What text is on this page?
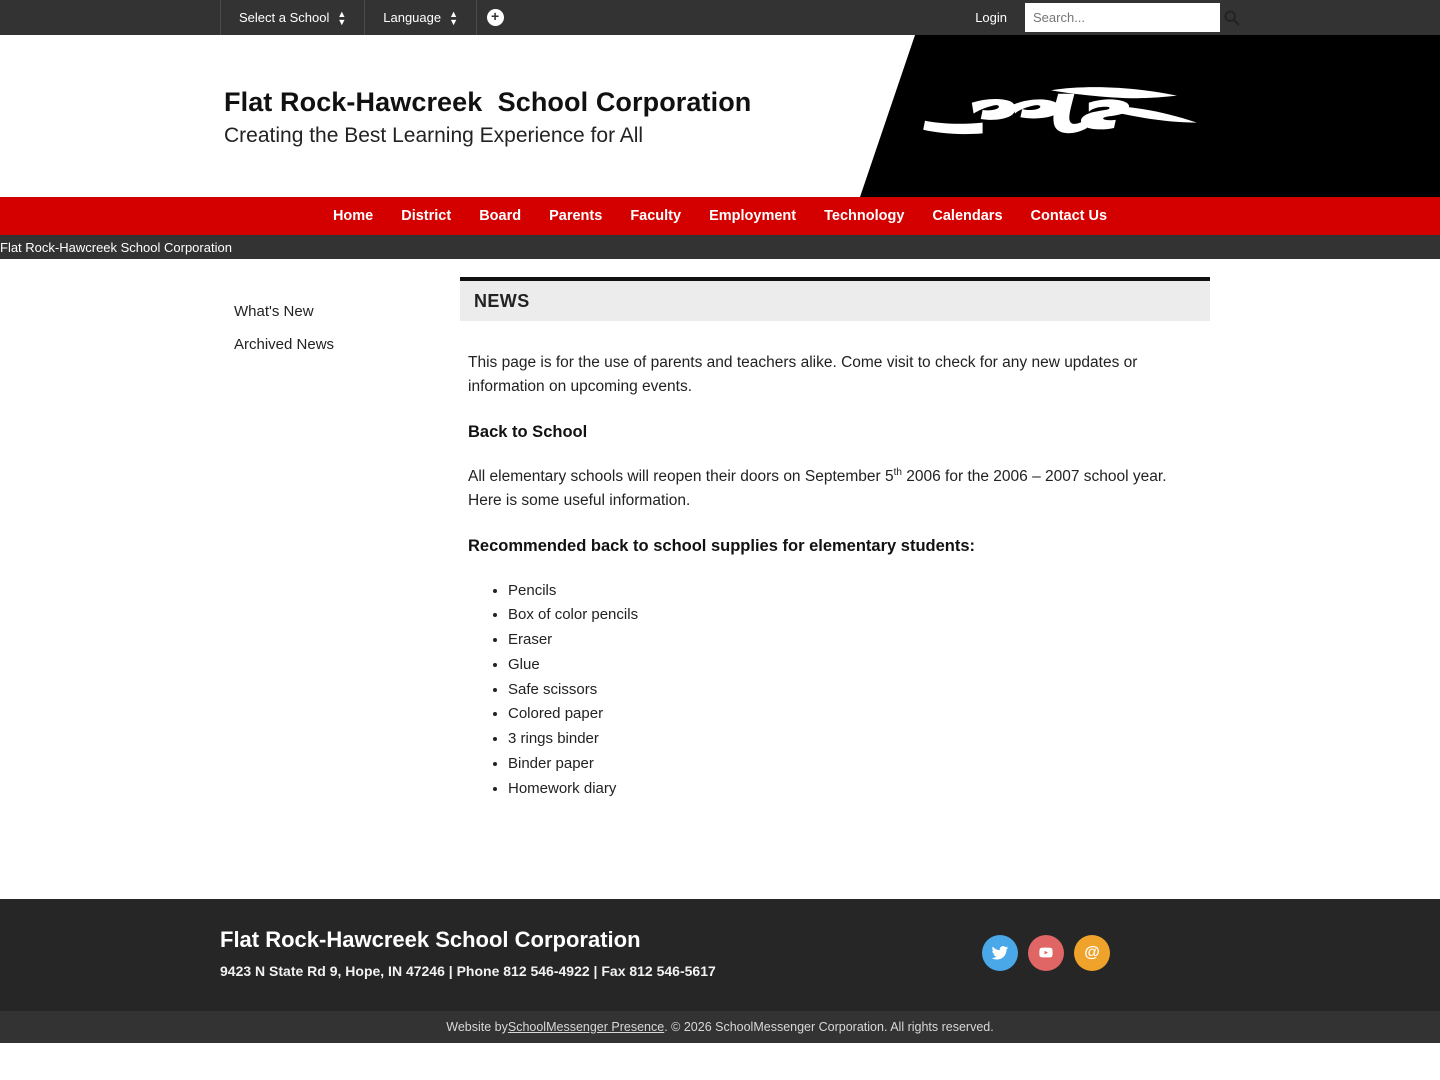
Select a School ▲
▼	Language ▲
▼	+	Login
Search...
Flat Rock-Hawcreek  School Corporation
Creating the Best Learning Experience for All
Home	District	Board	Parents	Faculty	Employment	Technology	Calendars	Contact Us
Flat Rock-Hawcreek School Corporation
What's New
Archived News
NEWS

This page is for the use of parents and teachers alike. Come visit to check for any new updates or information on upcoming events.

Back to School

All elementary schools will reopen their doors on September 5th 2006 for the 2006 – 2007 school year. Here is some useful information.

Recommended back to school supplies for elementary students:
• Pencils
• Box of color pencils
• Eraser
• Glue
• Safe scissors
• Colored paper
• 3 rings binder
• Binder paper
• Homework diary
Flat Rock-Hawcreek School Corporation
9423 N State Rd 9, Hope, IN 47246 | Phone 812 546-4922 | Fax 812 546-5617
@
Website by SchoolMessenger Presence . © 2026 SchoolMessenger Corporation. All rights reserved.
